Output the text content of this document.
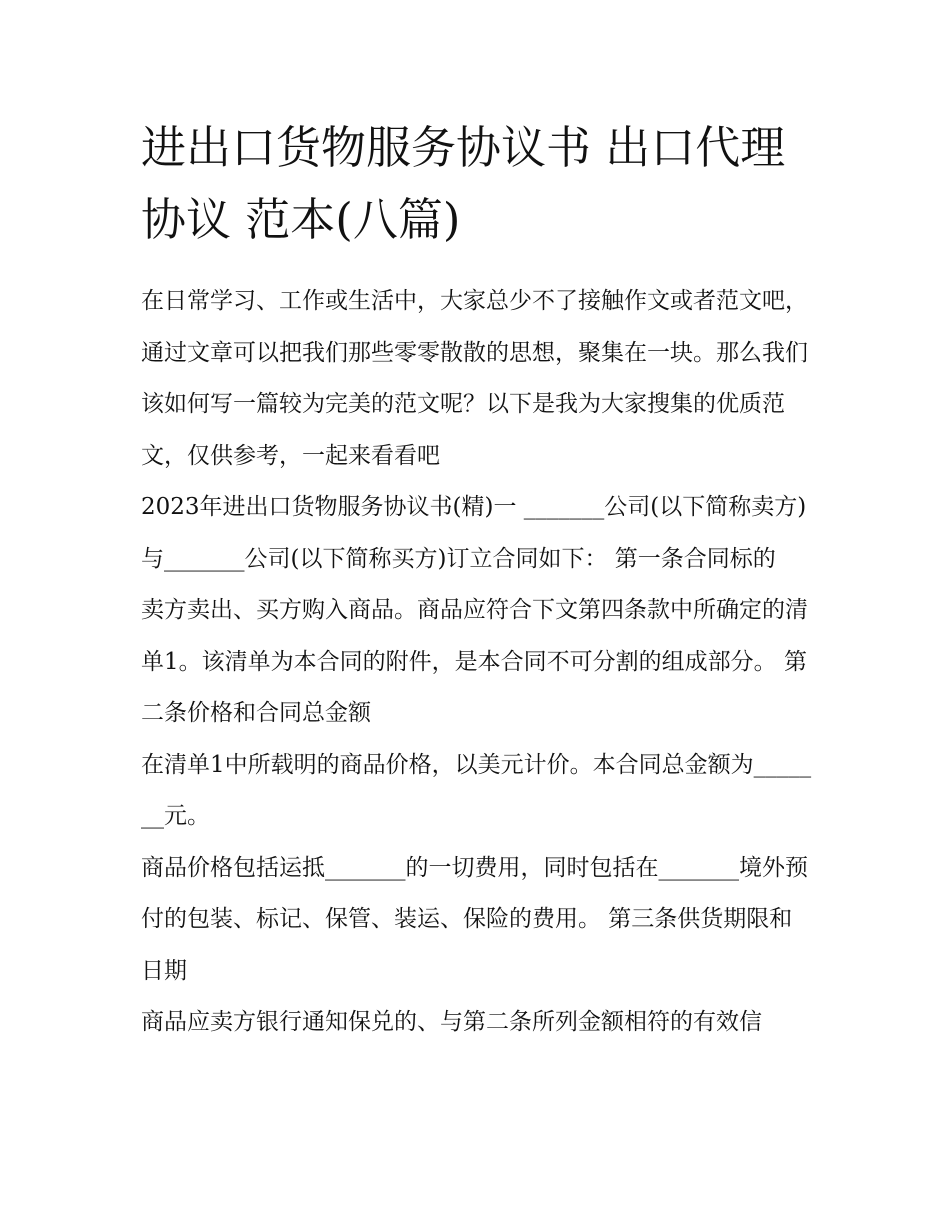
进出口货物服务协议书 出口代理协议 范本(八篇)

在日常学习、工作或生活中，大家总少不了接触作文或者范文吧，通过文章可以把我们那些零零散散的思想，聚集在一块。那么我们该如何写一篇较为完美的范文呢？以下是我为大家搜集的优质范文，仅供参考，一起来看看吧

2023年进出口货物服务协议书(精)一 _______公司(以下简称卖方)与_______公司(以下简称买方)订立合同如下： 第一条合同标的

卖方卖出、买方购入商品。商品应符合下文第四条款中所确定的清单1。该清单为本合同的附件，是本合同不可分割的组成部分。 第二条价格和合同总金额

在清单1中所载明的商品价格，以美元计价。本合同总金额为_______元。

商品价格包括运抵_______的一切费用，同时包括在_______境外预付的包装、标记、保管、装运、保险的费用。 第三条供货期限和日期

商品应卖方银行通知保兑的、与第二条所列金额相符的有效信
